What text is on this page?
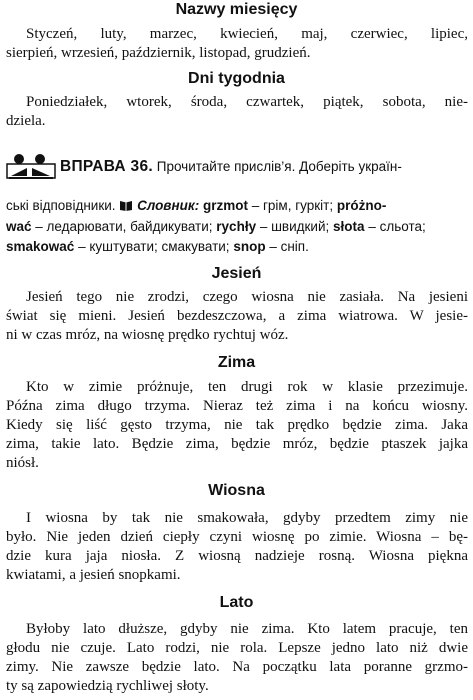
Nazwy miesięcy

Styczeń, luty, marzec, kwiecień, maj, czerwiec, lipiec,

sierpień, wrzesień, październik, listopad, grudzień.

Dni tygodnia

Poniedziałek, wtorek, środa, czwartek, piątek, sobota, nie-

dziela.

ВПРАВА 36. Прочитайте прислів’я. Доберіть україн-

ські відповідники. Словник: grzmot – грім, гуркіт; próżno-

wać – ледарювати, байдикувати; rychły – швидкий; słota – сльота;

smakować – куштувати; смакувати; snop – сніп.

Jesień

Jesień tego nie zrodzi, czego wiosna nie zasiała. Na jesieni

świat się mieni. Jesień bezdeszczowa, a zima wiatrowa. W jesie-

ni w czas mróz, na wiosnę prędko rychtuj wóz.

Zima

Kto w zimie próżnuje, ten drugi rok w klasie przezimuje.

Późna zima długo trzyma. Nieraz też zima i na końcu wiosny.

Kiedy się liść gęsto trzyma, nie tak prędko będzie zima. Jaka

zima, takie lato. Będzie zima, będzie mróz, będzie ptaszek jajka

niósł.

Wiosna

I wiosna by tak nie smakowała, gdyby przedtem zimy nie

było. Nie jeden dzień ciepły czyni wiosnę po zimie. Wiosna – bę-

dzie kura jaja niosła. Z wiosną nadzieje rosną. Wiosna piękna

kwiatami, a jesień snopkami.

Lato

Byłoby lato dłuższe, gdyby nie zima. Kto latem pracuje, ten

głodu nie czuje. Lato rodzi, nie rola. Lepsze jedno lato niż dwie

zimy. Nie zawsze będzie lato. Na początku lata poranne grzmo-

ty są zapowiedzią rychliwej słoty.
